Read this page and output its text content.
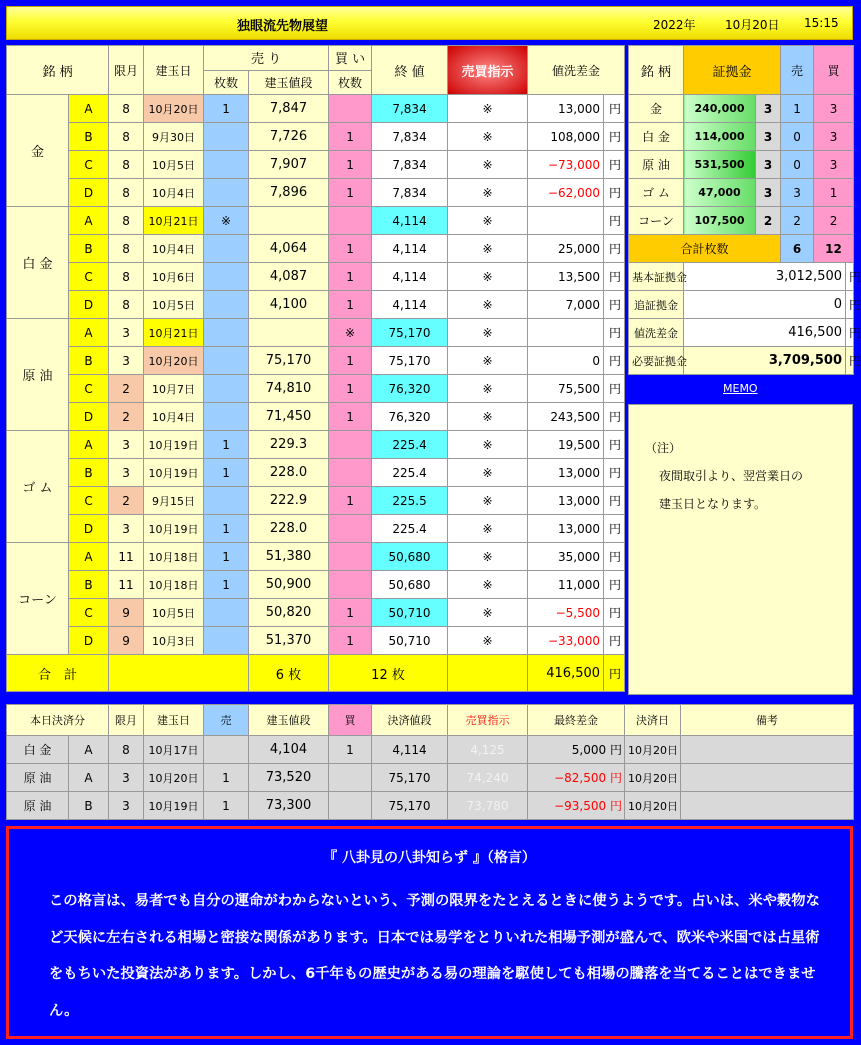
独眼流先物展望	2022年 10月20日 15:15
銘 柄		限月	建玉日	売 り		買 い	終 値	売買指示	値洗差金	
				枚数	建玉値段	枚数				
金	A	8	10月20日	1	7,847		7,834	※	13,000	円
	B	8	9月30日		7,726	1	7,834	※	108,000	円
	C	8	10月5日		7,907	1	7,834	※	−73,000	円
	D	8	10月4日		7,896	1	7,834	※	−62,000	円
白 金	A	8	10月21日	※			4,114	※		円
	B	8	10月4日		4,064	1	4,114	※	25,000	円
	C	8	10月6日		4,087	1	4,114	※	13,500	円
	D	8	10月5日		4,100	1	4,114	※	7,000	円
原 油	A	3	10月21日			※	75,170	※		円
	B	3	10月20日		75,170	1	75,170	※	0	円
	C	2	10月7日		74,810	1	76,320	※	75,500	円
	D	2	10月4日		71,450	1	76,320	※	243,500	円
ゴ ム	A	3	10月19日	1	229.3		225.4	※	19,500	円
	B	3	10月19日	1	228.0		225.4	※	13,000	円
	C	2	9月15日		222.9	1	225.5	※	13,000	円
	D	3	10月19日	1	228.0		225.4	※	13,000	円
コーン	A	11	10月18日	1	51,380		50,680	※	35,000	円
	B	11	10月18日	1	50,900		50,680	※	11,000	円
	C	9	10月5日		50,820	1	50,710	※	−5,500	円
	D	9	10月3日		51,370	1	50,710	※	−33,000	円
合　計					6 枚	12 枚			416,500	円
銘 柄	証拠金		売	買	
金	240,000	3	1	3	
白 金	114,000	3	0	3	
原 油	531,500	3	0	3	
ゴ ム	47,000	3	3	1	
コーン	107,500	2	2	2	
合計枚数			6	12	
基本証拠金	3,012,500				円
追証拠金	0				円
値洗差金	416,500				円
必要証拠金	3,709,500				円
MEMO
（注）
夜間取引より、翌営業日の
建玉日となります。
本日決済分		限月	建玉日	売	建玉値段	買	決済値段	売買指示	最終差金	決済日	備考
白 金	A	8	10月17日		4,104	1	4,114	4,125	5,000 円	10月20日	
原 油	A	3	10月20日	1	73,520		75,170	74,240	−82,500 円	10月20日	
原 油	B	3	10月19日	1	73,300		75,170	73,780	−93,500 円	10月20日	
『 八卦見の八卦知らず 』（格言）
この格言は、易者でも自分の運命がわからないという、予測の限界をたとえるときに使うようです。占いは、米や穀物など天候に左右される相場と密接な関係があります。日本では易学をとりいれた相場予測が盛んで、欧米や米国では占星術をもちいた投資法があります。しかし、6千年もの歴史がある易の理論を駆使しても相場の騰落を当てることはできません。
